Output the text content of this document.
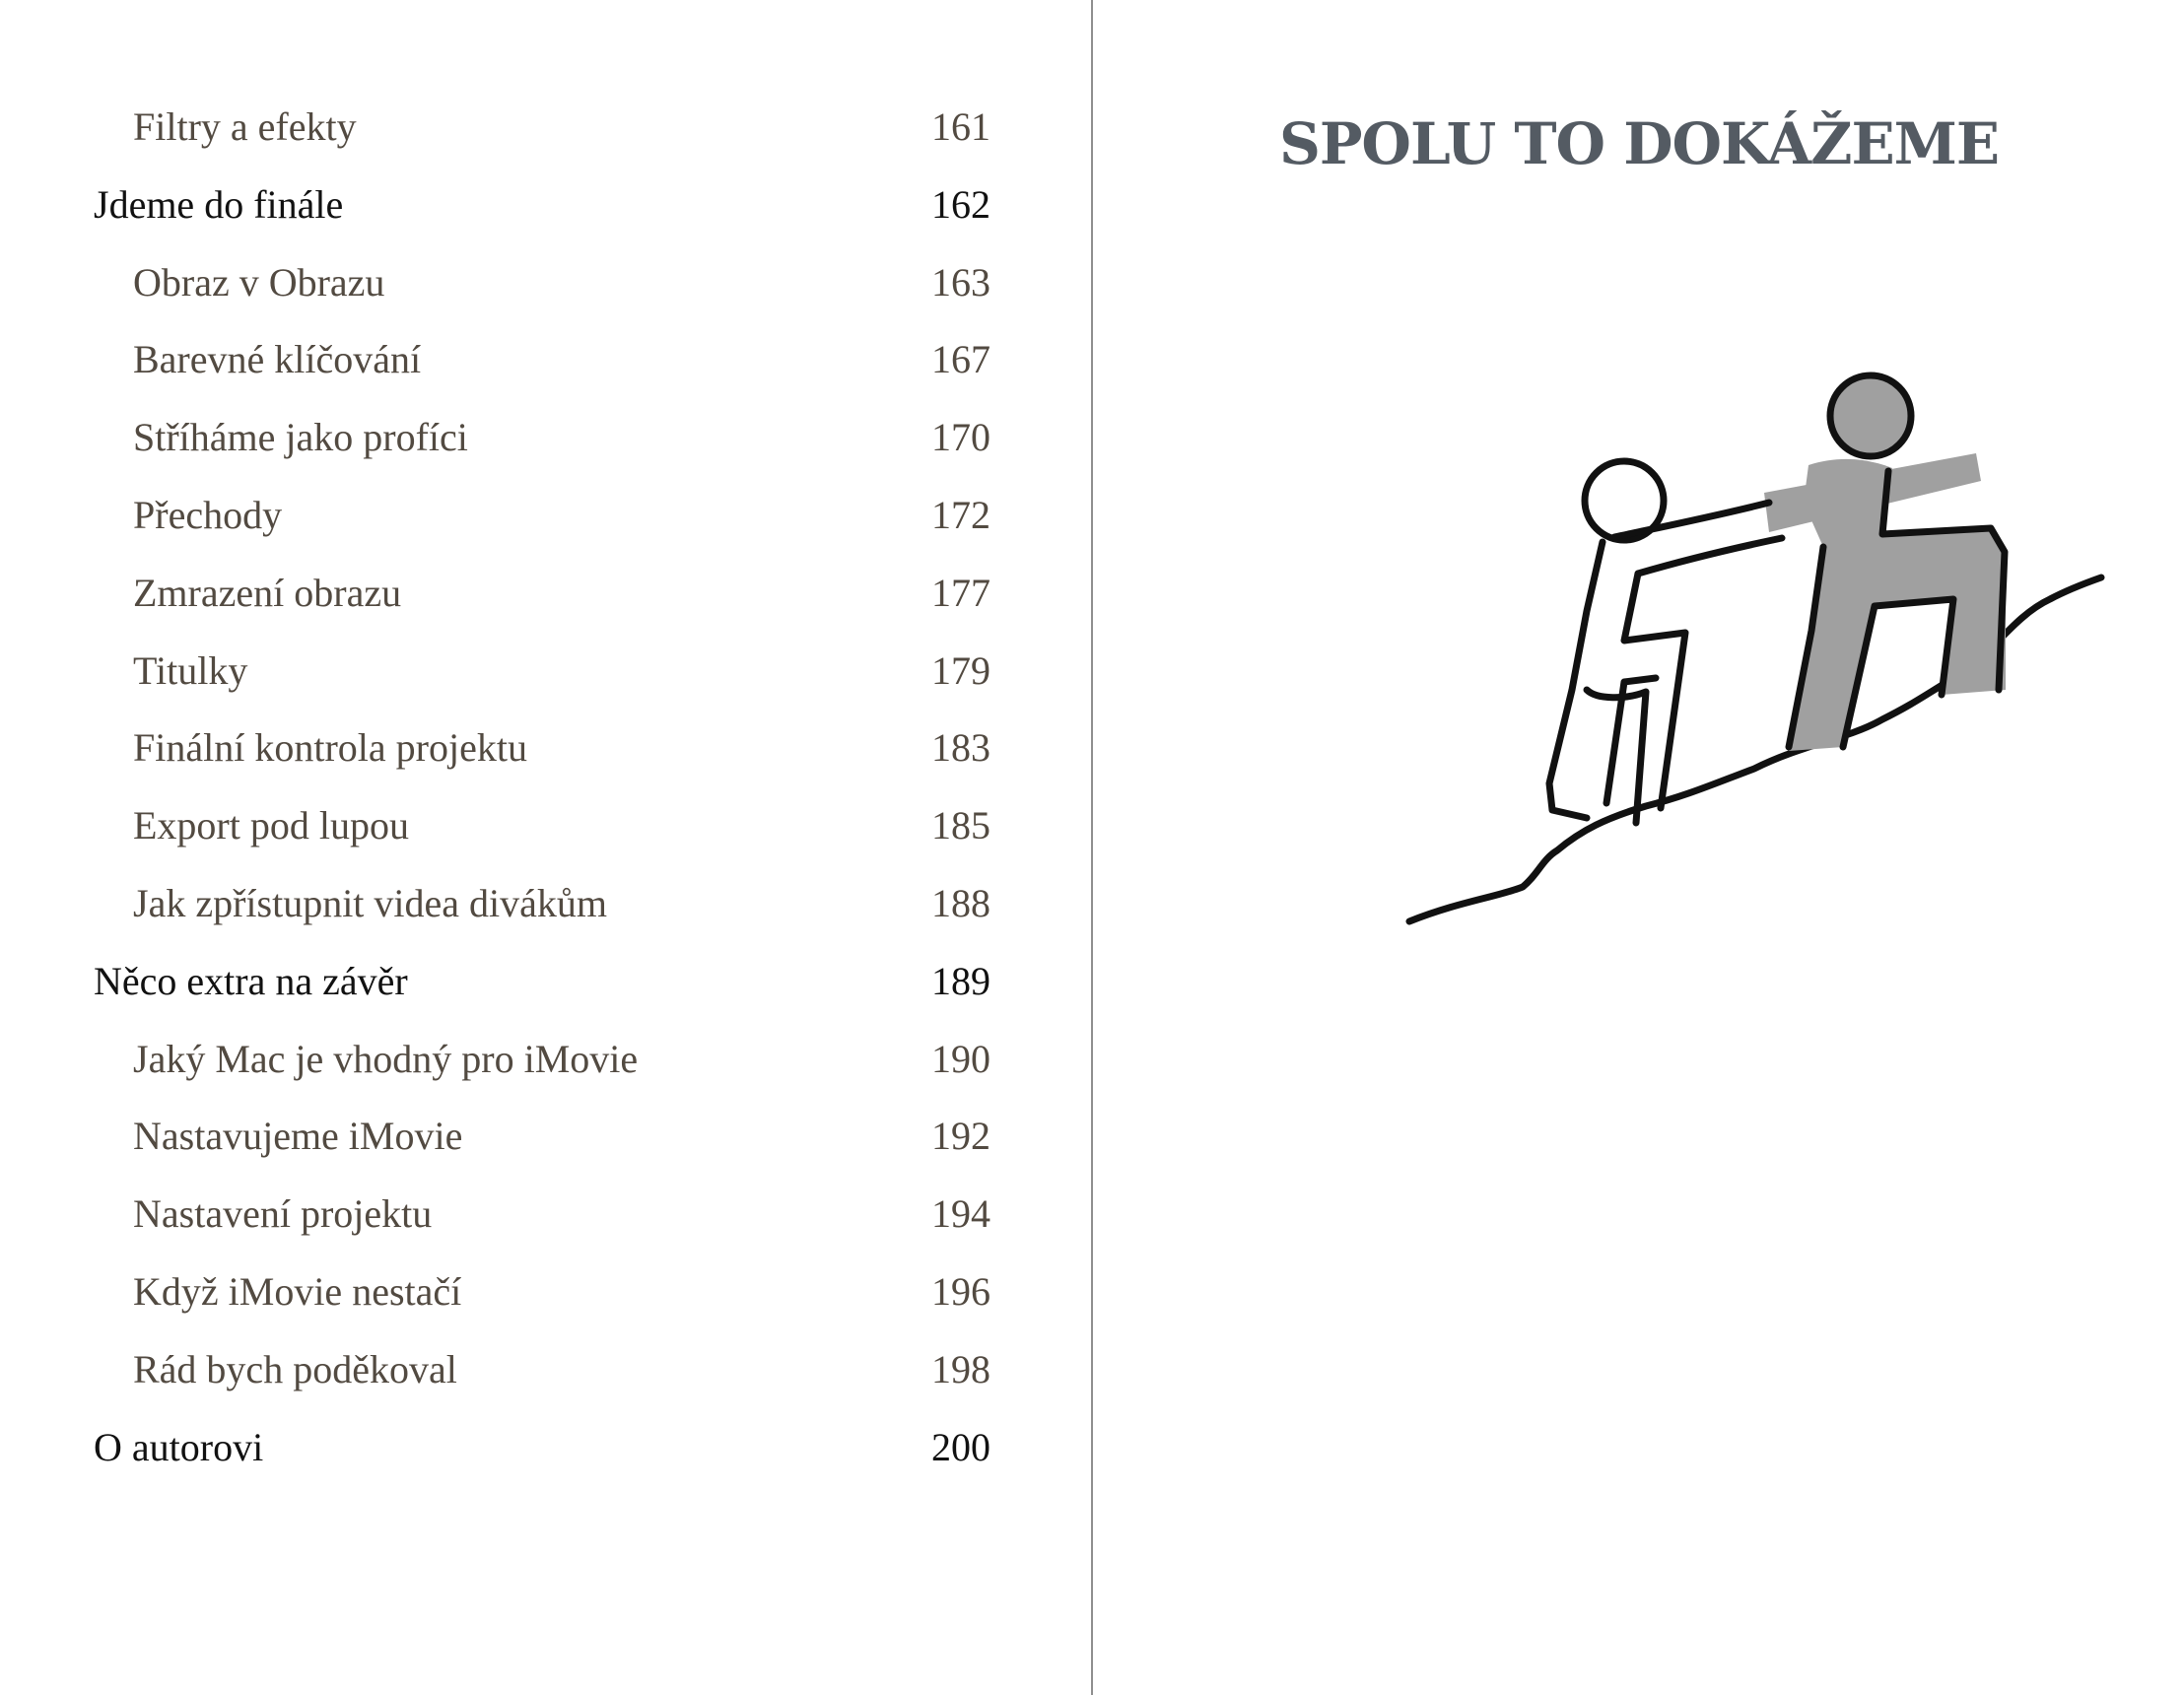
Filtry a efekty	161
Jdeme do finále	162
Obraz v Obrazu	163
Barevné klíčování	167
Stříháme jako profíci	170
Přechody	172
Zmrazení obrazu	177
Titulky	179
Finální kontrola projektu	183
Export pod lupou	185
Jak zpřístupnit videa divákům	188
Něco extra na závěr	189
Jaký Mac je vhodný pro iMovie	190
Nastavujeme iMovie	192
Nastavení projektu	194
Když iMovie nestačí	196
Rád bych poděkoval	198
O autorovi	200
SPOLU TO DOKÁŽEME
